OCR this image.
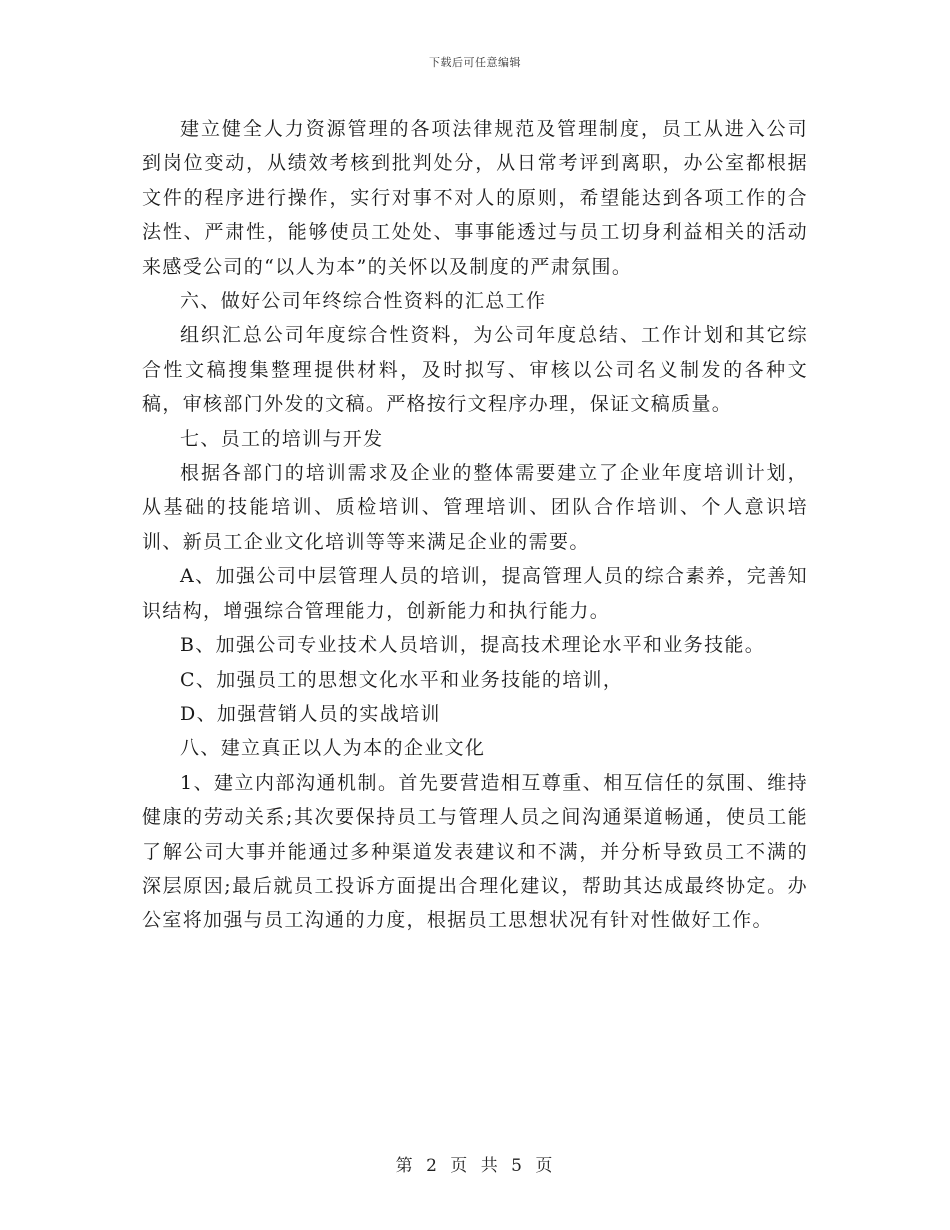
下载后可任意编辑

建立健全人力资源管理的各项法律规范及管理制度，员工从进入公司到岗位变动，从绩效考核到批判处分，从日常考评到离职，办公室都根据文件的程序进行操作，实行对事不对人的原则，希望能达到各项工作的合法性、严肃性，能够使员工处处、事事能透过与员工切身利益相关的活动来感受公司的“以人为本”的关怀以及制度的严肃氛围。

六、做好公司年终综合性资料的汇总工作

组织汇总公司年度综合性资料，为公司年度总结、工作计划和其它综合性文稿搜集整理提供材料，及时拟写、审核以公司名义制发的各种文稿，审核部门外发的文稿。严格按行文程序办理，保证文稿质量。

七、员工的培训与开发

根据各部门的培训需求及企业的整体需要建立了企业年度培训计划，从基础的技能培训、质检培训、管理培训、团队合作培训、个人意识培训、新员工企业文化培训等等来满足企业的需要。

A、加强公司中层管理人员的培训，提高管理人员的综合素养，完善知识结构，增强综合管理能力，创新能力和执行能力。

B、加强公司专业技术人员培训，提高技术理论水平和业务技能。

C、加强员工的思想文化水平和业务技能的培训，

D、加强营销人员的实战培训

八、建立真正以人为本的企业文化

1、建立内部沟通机制。首先要营造相互尊重、相互信任的氛围、维持健康的劳动关系;其次要保持员工与管理人员之间沟通渠道畅通，使员工能了解公司大事并能通过多种渠道发表建议和不满，并分析导致员工不满的深层原因;最后就员工投诉方面提出合理化建议，帮助其达成最终协定。办公室将加强与员工沟通的力度，根据员工思想状况有针对性做好工作。

第 2 页 共 5 页
